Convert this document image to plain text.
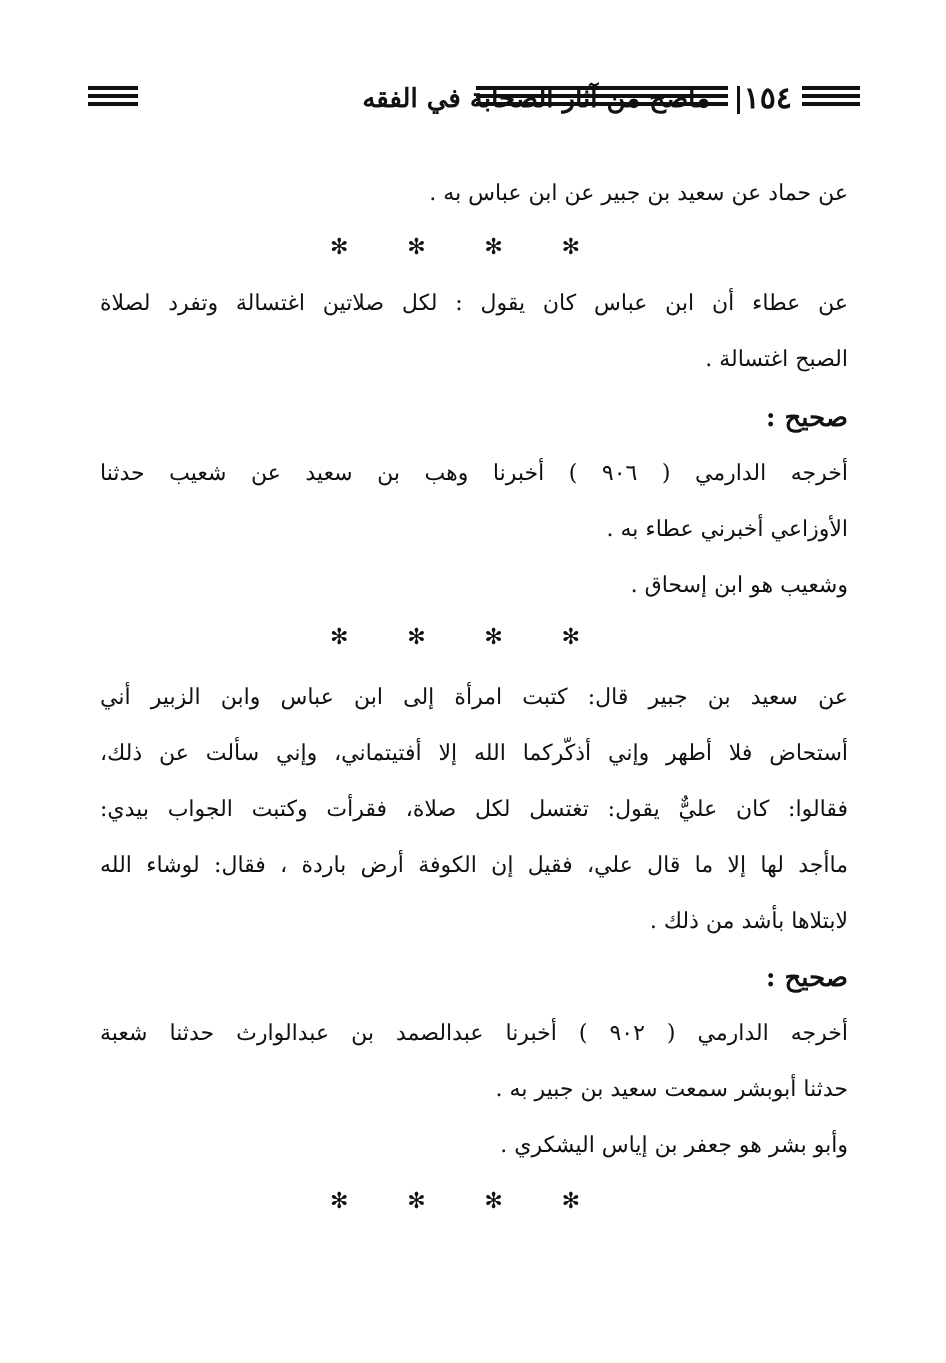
١٥٤
ماصح من آثار الصحابة في الفقه
عن حماد عن سعيد بن جبير عن ابن عباس به .
✻	✻	✻	✻
عن عطاء أن ابن عباس كان يقول : لكل صلاتين اغتسالة وتفرد لصلاة
الصبح اغتسالة .
صحيح :
أخرجه الدارمي ( ٩٠٦ ) أخبرنا وهب بن سعيد عن شعيب حدثنا
الأوزاعي أخبرني عطاء به .
وشعيب هو ابن إسحاق .
✻	✻	✻	✻
عن سعيد بن جبير قال: كتبت امرأة إلى ابن عباس وابن الزبير أني
أستحاض فلا أطهر وإني أذكّركما الله إلا أفتيتماني، وإني سألت عن ذلك،
فقالوا: كان عليٌّ يقول: تغتسل لكل صلاة، فقرأت وكتبت الجواب بيدي:
ماأجد لها إلا ما قال علي، فقيل إن الكوفة أرض باردة ، فقال: لوشاء الله
لابتلاها بأشد من ذلك .
صحيح :
أخرجه الدارمي ( ٩٠٢ ) أخبرنا عبدالصمد بن عبدالوارث حدثنا شعبة
حدثنا أبوبشر سمعت سعيد بن جبير به .
وأبو بشر هو جعفر بن إياس اليشكري .
✻	✻	✻	✻
